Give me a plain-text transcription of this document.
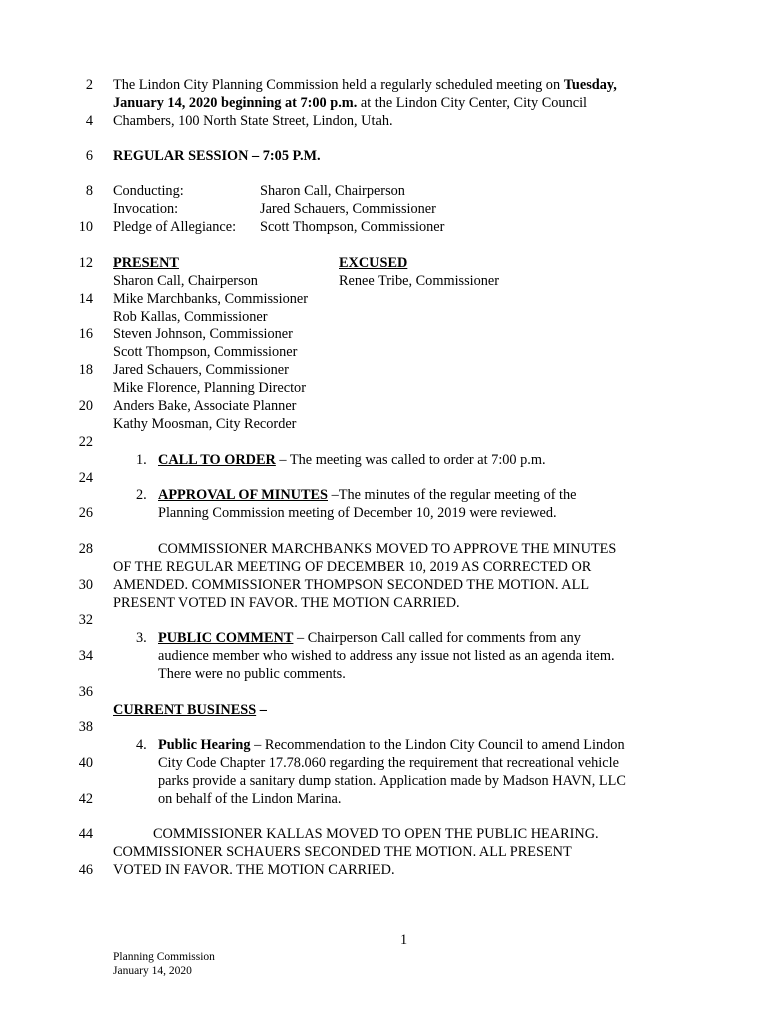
2
4
6
8
10
12
14
16
18
20
22
24
26
28
30
32
34
36
38
40
42
44
46
The Lindon City Planning Commission held a regularly scheduled meeting on Tuesday,
January 14, 2020 beginning at 7:00 p.m. at the Lindon City Center, City Council
Chambers, 100 North State Street, Lindon, Utah.
REGULAR SESSION – 7:05 P.M.
Conducting:	Sharon Call, Chairperson
Invocation:	Jared Schauers, Commissioner
Pledge of Allegiance: Scott Thompson, Commissioner
PRESENT	EXCUSED
Sharon Call, Chairperson	Renee Tribe, Commissioner
Mike Marchbanks, Commissioner
Rob Kallas, Commissioner
Steven Johnson, Commissioner
Scott Thompson, Commissioner
Jared Schauers, Commissioner
Mike Florence, Planning Director
Anders Bake, Associate Planner
Kathy Moosman, City Recorder
1. CALL TO ORDER – The meeting was called to order at 7:00 p.m.
2. APPROVAL OF MINUTES –The minutes of the regular meeting of the
Planning Commission meeting of December 10, 2019 were reviewed.
COMMISSIONER MARCHBANKS MOVED TO APPROVE THE MINUTES
OF THE REGULAR MEETING OF DECEMBER 10, 2019 AS CORRECTED OR
AMENDED. COMMISSIONER THOMPSON SECONDED THE MOTION. ALL
PRESENT VOTED IN FAVOR. THE MOTION CARRIED.
3. PUBLIC COMMENT – Chairperson Call called for comments from any
audience member who wished to address any issue not listed as an agenda item.
There were no public comments.
CURRENT BUSINESS –
4. Public Hearing – Recommendation to the Lindon City Council to amend Lindon
City Code Chapter 17.78.060 regarding the requirement that recreational vehicle
parks provide a sanitary dump station. Application made by Madson HAVN, LLC
on behalf of the Lindon Marina.
COMMISSIONER KALLAS MOVED TO OPEN THE PUBLIC HEARING.
COMMISSIONER SCHAUERS SECONDED THE MOTION. ALL PRESENT
VOTED IN FAVOR. THE MOTION CARRIED.
1
Planning Commission
January 14, 2020
